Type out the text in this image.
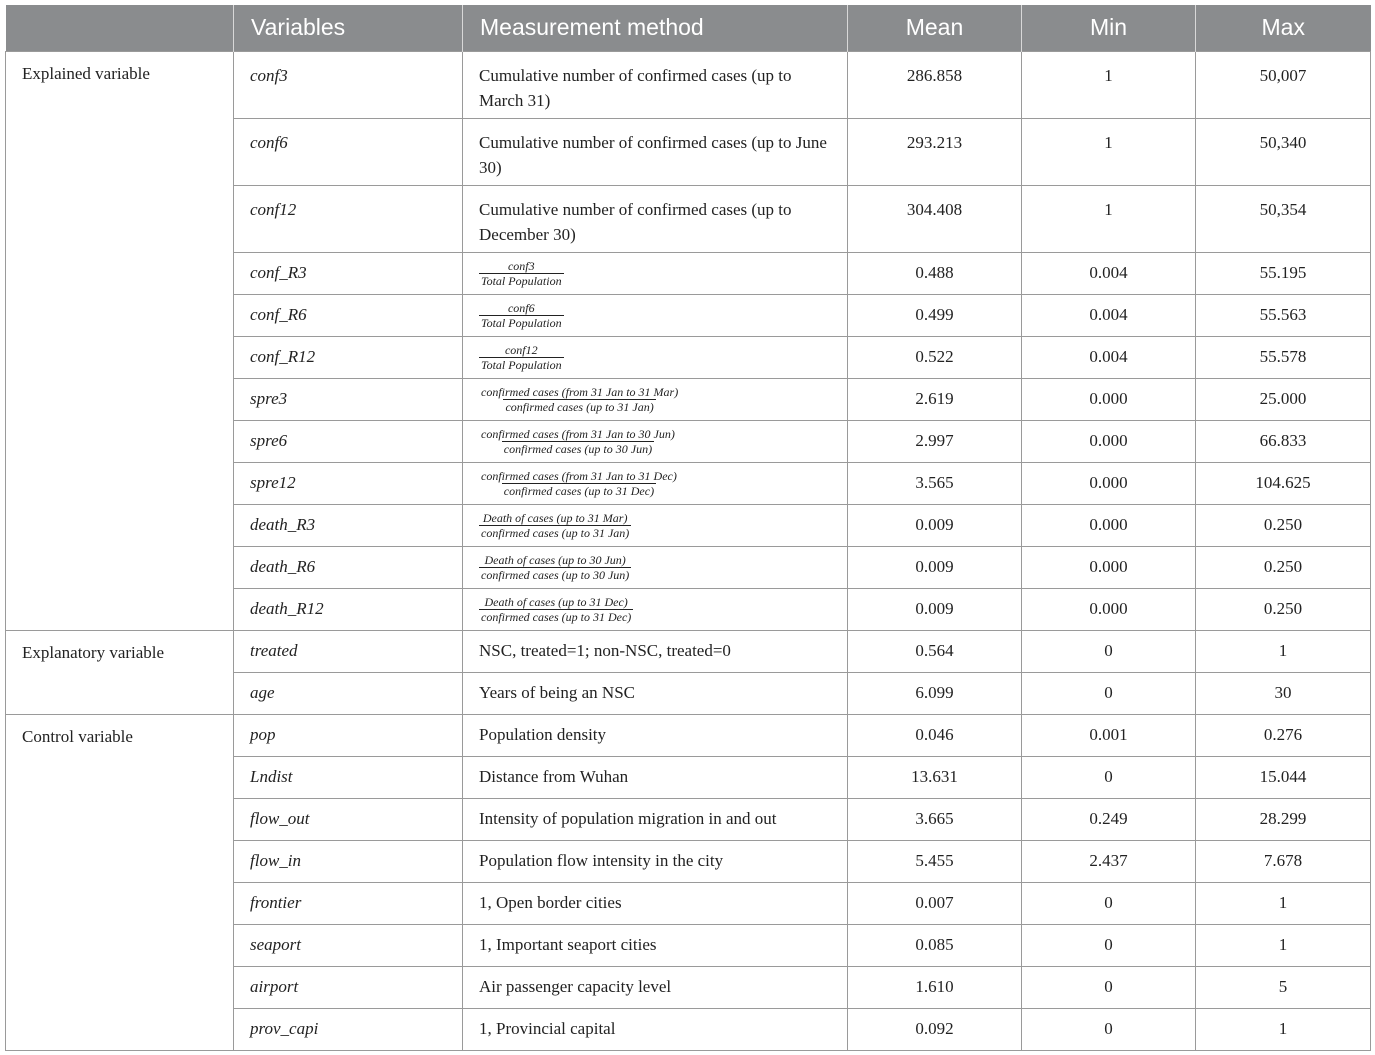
	Variables	Measurement method	Mean	Min	Max
Explained variable	conf3	Cumulative number of confirmed cases (up to March 31)	286.858	1	50,007
	conf6	Cumulative number of confirmed cases (up to June 30)	293.213	1	50,340
	conf12	Cumulative number of confirmed cases (up to December 30)	304.408	1	50,354
	conf_R3	$\frac{\text{conf3}}{\text{Total Population}}$	0.488	0.004	55.195
	conf_R6	$\frac{\text{conf6}}{\text{Total Population}}$	0.499	0.004	55.563
	conf_R12	$\frac{\text{conf12}}{\text{Total Population}}$	0.522	0.004	55.578
	spre3	$\frac{\text{confirmed cases (from 31 Jan to 31 Mar)}}{\text{confirmed cases (up to 31 Jan)}}$	2.619	0.000	25.000
	spre6	$\frac{\text{confirmed cases (from 31 Jan to 30 Jun)}}{\text{confirmed cases (up to 30 Jun)}}$	2.997	0.000	66.833
	spre12	$\frac{\text{confirmed cases (from 31 Jan to 31 Dec)}}{\text{confirmed cases (up to 31 Dec)}}$	3.565	0.000	104.625
	death_R3	$\frac{\text{Death of cases (up to 31 Mar)}}{\text{confirmed cases (up to 31 Jan)}}$	0.009	0.000	0.250
	death_R6	$\frac{\text{Death of cases (up to 30 Jun)}}{\text{confirmed cases (up to 30 Jun)}}$	0.009	0.000	0.250
	death_R12	$\frac{\text{Death of cases (up to 31 Dec)}}{\text{confirmed cases (up to 31 Dec)}}$	0.009	0.000	0.250
Explanatory variable	treated	NSC, treated=1; non-NSC, treated=0	0.564	0	1
	age	Years of being an NSC	6.099	0	30
Control variable	pop	Population density	0.046	0.001	0.276
	Lndist	Distance from Wuhan	13.631	0	15.044
	flow_out	Intensity of population migration in and out	3.665	0.249	28.299
	flow_in	Population flow intensity in the city	5.455	2.437	7.678
	frontier	1, Open border cities	0.007	0	1
	seaport	1, Important seaport cities	0.085	0	1
	airport	Air passenger capacity level	1.610	0	5
	prov_capi	1, Provincial capital	0.092	0	1
